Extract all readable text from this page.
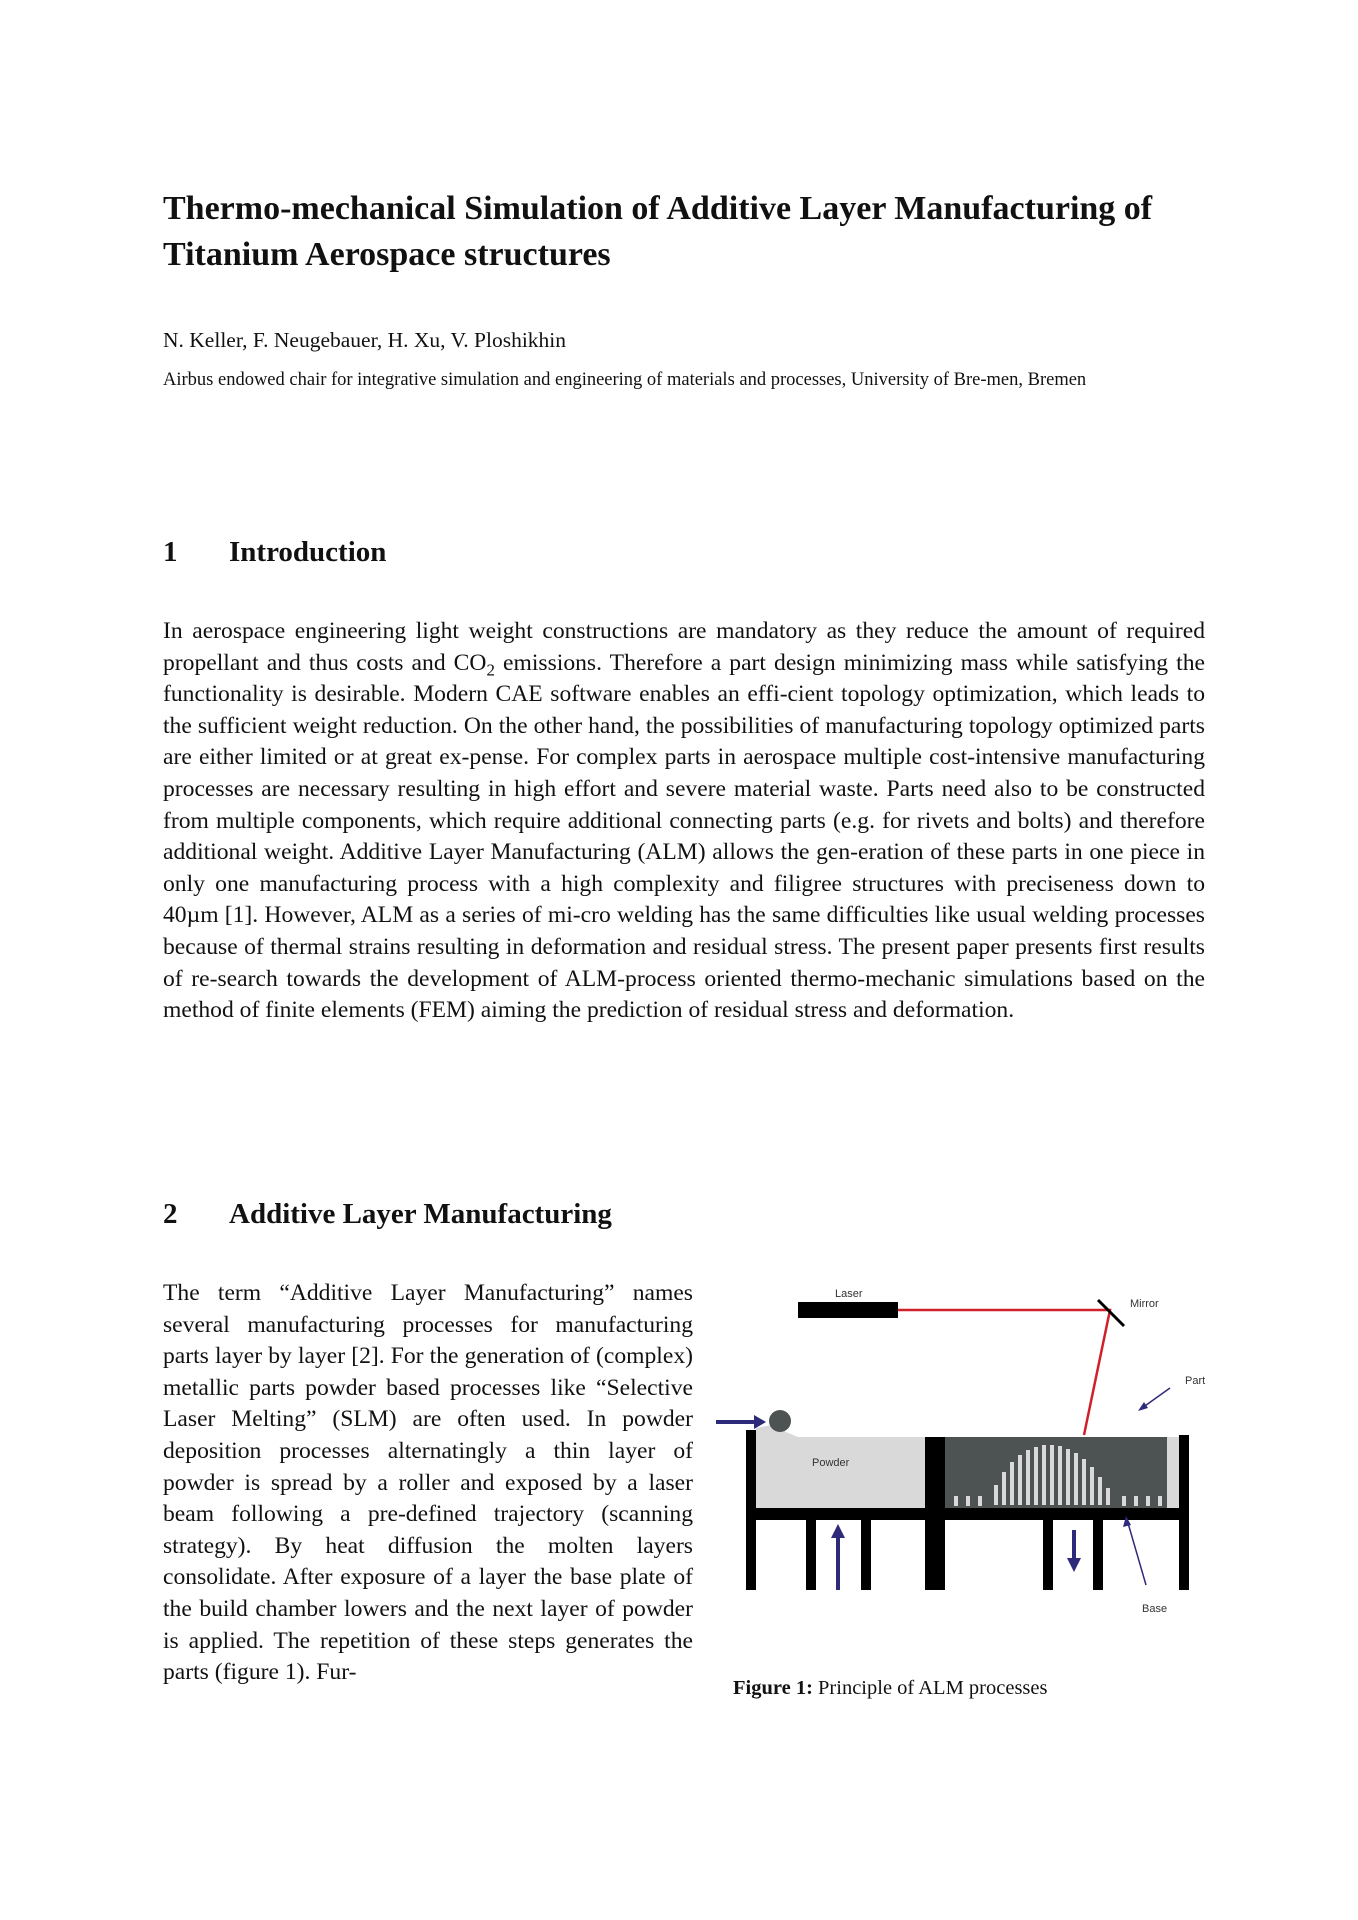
Thermo-mechanical Simulation of Additive Layer Manufacturing of Titanium Aerospace structures
N. Keller, F. Neugebauer, H. Xu, V. Ploshikhin
Airbus endowed chair for integrative simulation and engineering of materials and processes, University of Bre-men, Bremen
1 Introduction

In aerospace engineering light weight constructions are mandatory as they reduce the amount of required propellant and thus costs and $CO_2$ emissions. Therefore a part design minimizing mass while satisfying the functionality is desirable. Modern CAE software enables an effi-cient topology optimization, which leads to the sufficient weight reduction. On the other hand, the possibilities of manufacturing topology optimized parts are either limited or at great ex-pense. For complex parts in aerospace multiple cost-intensive manufacturing processes are necessary resulting in high effort and severe material waste. Parts need also to be constructed from multiple components, which require additional connecting parts (e.g. for rivets and bolts) and therefore additional weight. Additive Layer Manufacturing (ALM) allows the gen-eration of these parts in one piece in only one manufacturing process with a high complexity and filigree structures with preciseness down to 40µm [1]. However, ALM as a series of mi-cro welding has the same difficulties like usual welding processes because of thermal strains resulting in deformation and residual stress. The present paper presents first results of re-search towards the development of ALM-process oriented thermo-mechanic simulations based on the method of finite elements (FEM) aiming the prediction of residual stress and deformation.

2 Additive Layer Manufacturing

The term “Additive Layer Manufacturing” names several manufacturing processes for manufacturing parts layer by layer [2]. For the generation of (complex) metallic parts powder based processes like “Selective Laser Melting” (SLM) are often used. In powder deposition processes alternatingly a thin layer of powder is spread by a roller and exposed by a laser beam following a pre-defined trajectory (scanning strategy). By heat diffusion the molten layers consolidate. After exposure of a layer the base plate of the build chamber lowers and the next layer of powder is applied. The repetition of these steps generates the parts (figure 1). Fur-

Laser
Mirror
Part
Powder
Base
Figure 1: Principle of ALM processes
